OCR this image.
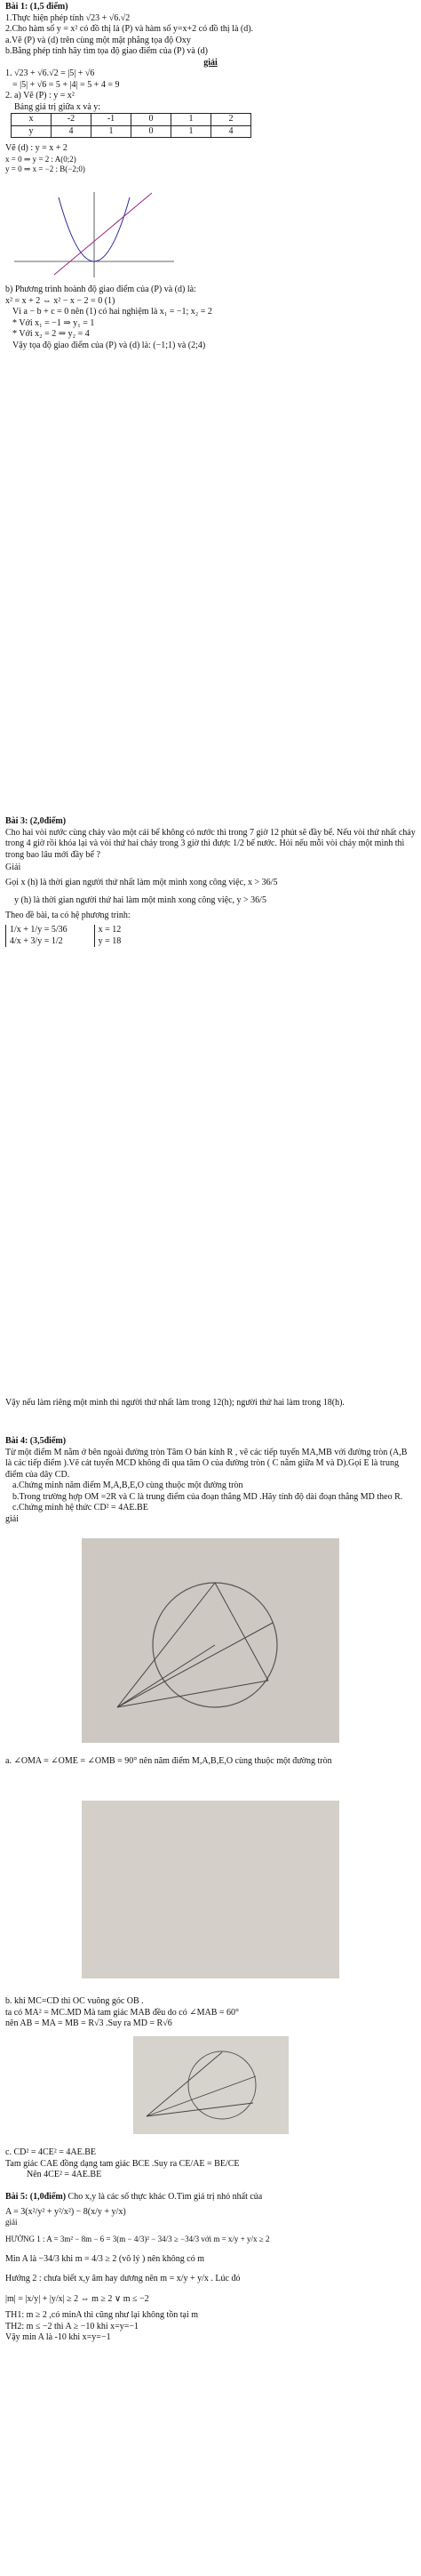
Bài 1: (1,5 điểm)
1.Thực hiện phép tính √23 + √6.√2
2.Cho hàm số y = x² có đồ thị là (P) và hàm số y=x+2 có đồ thị là (d).
a.Vẽ (P) và (d) trên cùng một mặt phẳng tọa độ Oxy
b.Bằng phép tính hãy tìm tọa độ giao điểm của (P) và (d)
giải
1. √23 + √6.√2 = |5| + √6
= |5| + √6 = 5 + |4| = 5 + 4 = 9
2. a) Vẽ (P) : y = x²
Bảng giá trị giữa x và y:
x	-2	-1	0	1	2
y	4	1	0	1	4
Vẽ (d) : y = x + 2
x = 0 ⇒ y = 2 : A(0;2)
y = 0 ⇒ x = −2 : B(−2;0)
b) Phương trình hoành độ giao điểm của (P) và (d) là:
x² = x + 2 ⇔ x² − x − 2 = 0 (1)
Vì a − b + c = 0 nên (1) có hai nghiệm là x₁ = −1; x₂ = 2
* Với x₁ = −1 ⇒ y₁ = 1
* Với x₂ = 2 ⇒ y₂ = 4
Vậy tọa độ giao điểm của (P) và (d) là: (−1;1) và (2;4)
Bài 3: (2,0điểm)
Cho hai vòi nước cùng chảy vào một cái bể không có nước thì trong 7 giờ 12 phút sẽ đầy bể. Nếu vòi thứ nhất chảy trong 4 giờ rồi khóa lại và vòi thứ hai chảy trong 3 giờ thì được 1/2 bể nước. Hỏi nếu mỗi vòi chảy một mình thì trong bao lâu mới đầy bể ?
Giải
Gọi x (h) là thời gian người thứ nhất làm một mình xong công việc, x > 36/5
y (h) là thời gian người thứ hai làm một mình xong công việc, y > 36/5
Theo đề bài, ta có hệ phương trình:
1/x + 1/y = 5/36
4/x + 3/y = 1/2
x = 12
y = 18
Vậy nếu làm riêng một mình thì người thứ nhất làm trong 12(h); người thứ hai làm trong 18(h).
Bài 4: (3,5điểm)
Từ một điểm M nằm ở bên ngoài đường tròn Tâm O bán kính R , vẽ các tiếp tuyến MA,MB với đường tròn (A,B là các tiếp điểm ).Vẽ cát tuyến MCD không đi qua tâm O của đường tròn ( C nằm giữa M và D).Gọi E là trung điểm của dây CD.
a.Chứng minh năm điểm M,A,B,E,O cùng thuộc một đường tròn
b.Trong trường hợp OM =2R và C là trung điểm của đoạn thẳng MD .Hãy tính độ dài đoạn thẳng MD theo R.
c.Chứng minh hệ thức CD² = 4AE.BE
giải
a. ∠OMA = ∠OME = ∠OMB = 90° nên năm điểm M,A,B,E,O cùng thuộc một đường tròn
b. khi MC=CD thì OC vuông góc OB .
ta có MA² = MC.MD Mà tam giác MAB đều do có ∠MAB = 60°
nên AB = MA = MB = R√3 .Suy ra MD = R√6
c. CD² = 4CE² = 4AE.BE
Tam giác CAE đồng dạng tam giác BCE .Suy ra CE/AE = BE/CE
Nên 4CE² = 4AE.BE
Bài 5: (1,0điểm) Cho x,y là các số thực khác O.Tìm giá trị nhỏ nhất của
A = 3(x²/y² + y²/x²) − 8(x/y + y/x)
giải
HƯỚNG 1 : A = 3m² − 8m − 6 = 3(m − 4/3)² − 34/3 ≥ −34/3 với m = x/y + y/x ≥ 2
Min A là −34/3 khi m = 4/3 ≥ 2 (vô lý ) nên không có m
Hướng 2 : chưa biết x,y âm hay dương nên m = x/y + y/x . Lúc đó
|m| = |x/y| + |y/x| ≥ 2 ⇔ m ≥ 2 ∨ m ≤ −2
TH1: m ≥ 2 ,có minA thì cũng như lại không tồn tại m
TH2: m ≤ −2 thì A ≥ −10 khi x=y=−1
Vậy min A là -10 khi x=y=−1
